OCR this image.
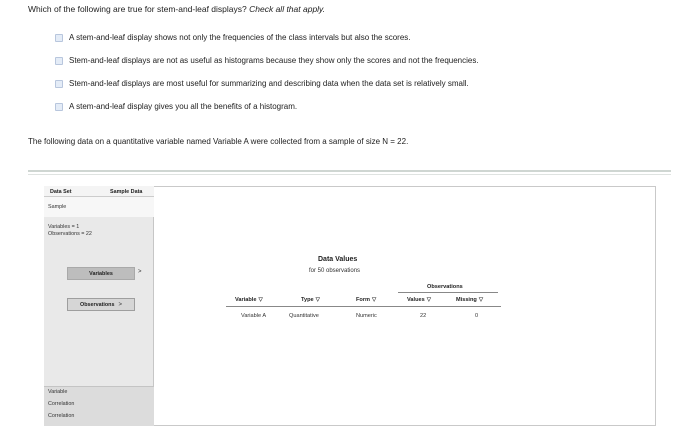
Which of the following are true for stem-and-leaf displays? Check all that apply.
A stem-and-leaf display shows not only the frequencies of the class intervals but also the scores.
Stem-and-leaf displays are not as useful as histograms because they show only the scores and not the frequencies.
Stem-and-leaf displays are most useful for summarizing and describing data when the data set is relatively small.
A stem-and-leaf display gives you all the benefits of a histogram.
The following data on a quantitative variable named Variable A were collected from a sample of size N = 22.
Data Set	Sample Data
Sample
Variables = 1
Observations = 22
Variables	>
Observations >
Variable
Correlation
Correlation
Data Values
for 50 observations
Observations
Variable ▽	Type ▽	Form ▽	Values ▽	Missing ▽
Variable A	Quantitative	Numeric	22	0
